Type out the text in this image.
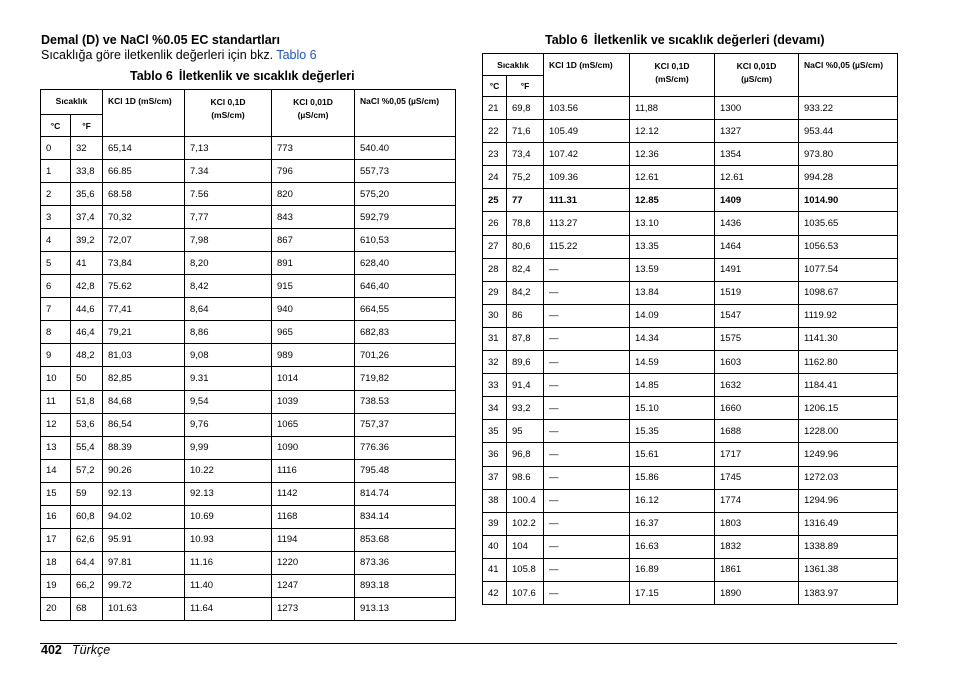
Demal (D) ve NaCl %0.05 EC standartları
Sıcaklığa göre iletkenlik değerleri için bkz. Tablo 6
Tablo 6 İletkenlik ve sıcaklık değerleri
Sıcaklık		KCl 1D (mS/cm)	KCl 0,1D (mS/cm)	KCl 0,01D (µS/cm)	NaCl %0,05 (µS/cm)
°C	°F				
0	32	65,14	7,13	773	540.40
1	33,8	66.85	7.34	796	557,73
2	35,6	68.58	7.56	820	575,20
3	37,4	70,32	7,77	843	592,79
4	39,2	72,07	7,98	867	610,53
5	41	73,84	8,20	891	628,40
6	42,8	75.62	8,42	915	646,40
7	44,6	77,41	8,64	940	664,55
8	46,4	79,21	8,86	965	682,83
9	48,2	81,03	9,08	989	701,26
10	50	82,85	9.31	1014	719,82
11	51,8	84,68	9,54	1039	738.53
12	53,6	86,54	9,76	1065	757,37
13	55,4	88.39	9,99	1090	776.36
14	57,2	90.26	10.22	1116	795.48
15	59	92.13	92.13	1142	814.74
16	60,8	94.02	10.69	1168	834.14
17	62,6	95.91	10.93	1194	853.68
18	64,4	97.81	11.16	1220	873.36
19	66,2	99.72	11.40	1247	893.18
20	68	101.63	11.64	1273	913.13
Tablo 6 İletkenlik ve sıcaklık değerleri (devamı)
Sıcaklık		KCl 1D (mS/cm)	KCl 0,1D (mS/cm)	KCl 0,01D (µS/cm)	NaCl %0,05 (µS/cm)
°C	°F				
21	69,8	103.56	11,88	1300	933.22
22	71,6	105.49	12.12	1327	953.44
23	73,4	107.42	12.36	1354	973.80
24	75,2	109.36	12.61	12.61	994.28
25	77	111.31	12.85	1409	1014.90
26	78,8	113.27	13.10	1436	1035.65
27	80,6	115.22	13.35	1464	1056.53
28	82,4	—	13.59	1491	1077.54
29	84,2	—	13.84	1519	1098.67
30	86	—	14.09	1547	1119.92
31	87,8	—	14.34	1575	1141.30
32	89,6	—	14.59	1603	1162.80
33	91,4	—	14.85	1632	1184.41
34	93,2	—	15.10	1660	1206.15
35	95	—	15.35	1688	1228.00
36	96,8	—	15.61	1717	1249.96
37	98.6	—	15.86	1745	1272.03
38	100.4	—	16.12	1774	1294.96
39	102.2	—	16.37	1803	1316.49
40	104	—	16.63	1832	1338.89
41	105.8	—	16.89	1861	1361.38
42	107.6	—	17.15	1890	1383.97
402 Türkçe
